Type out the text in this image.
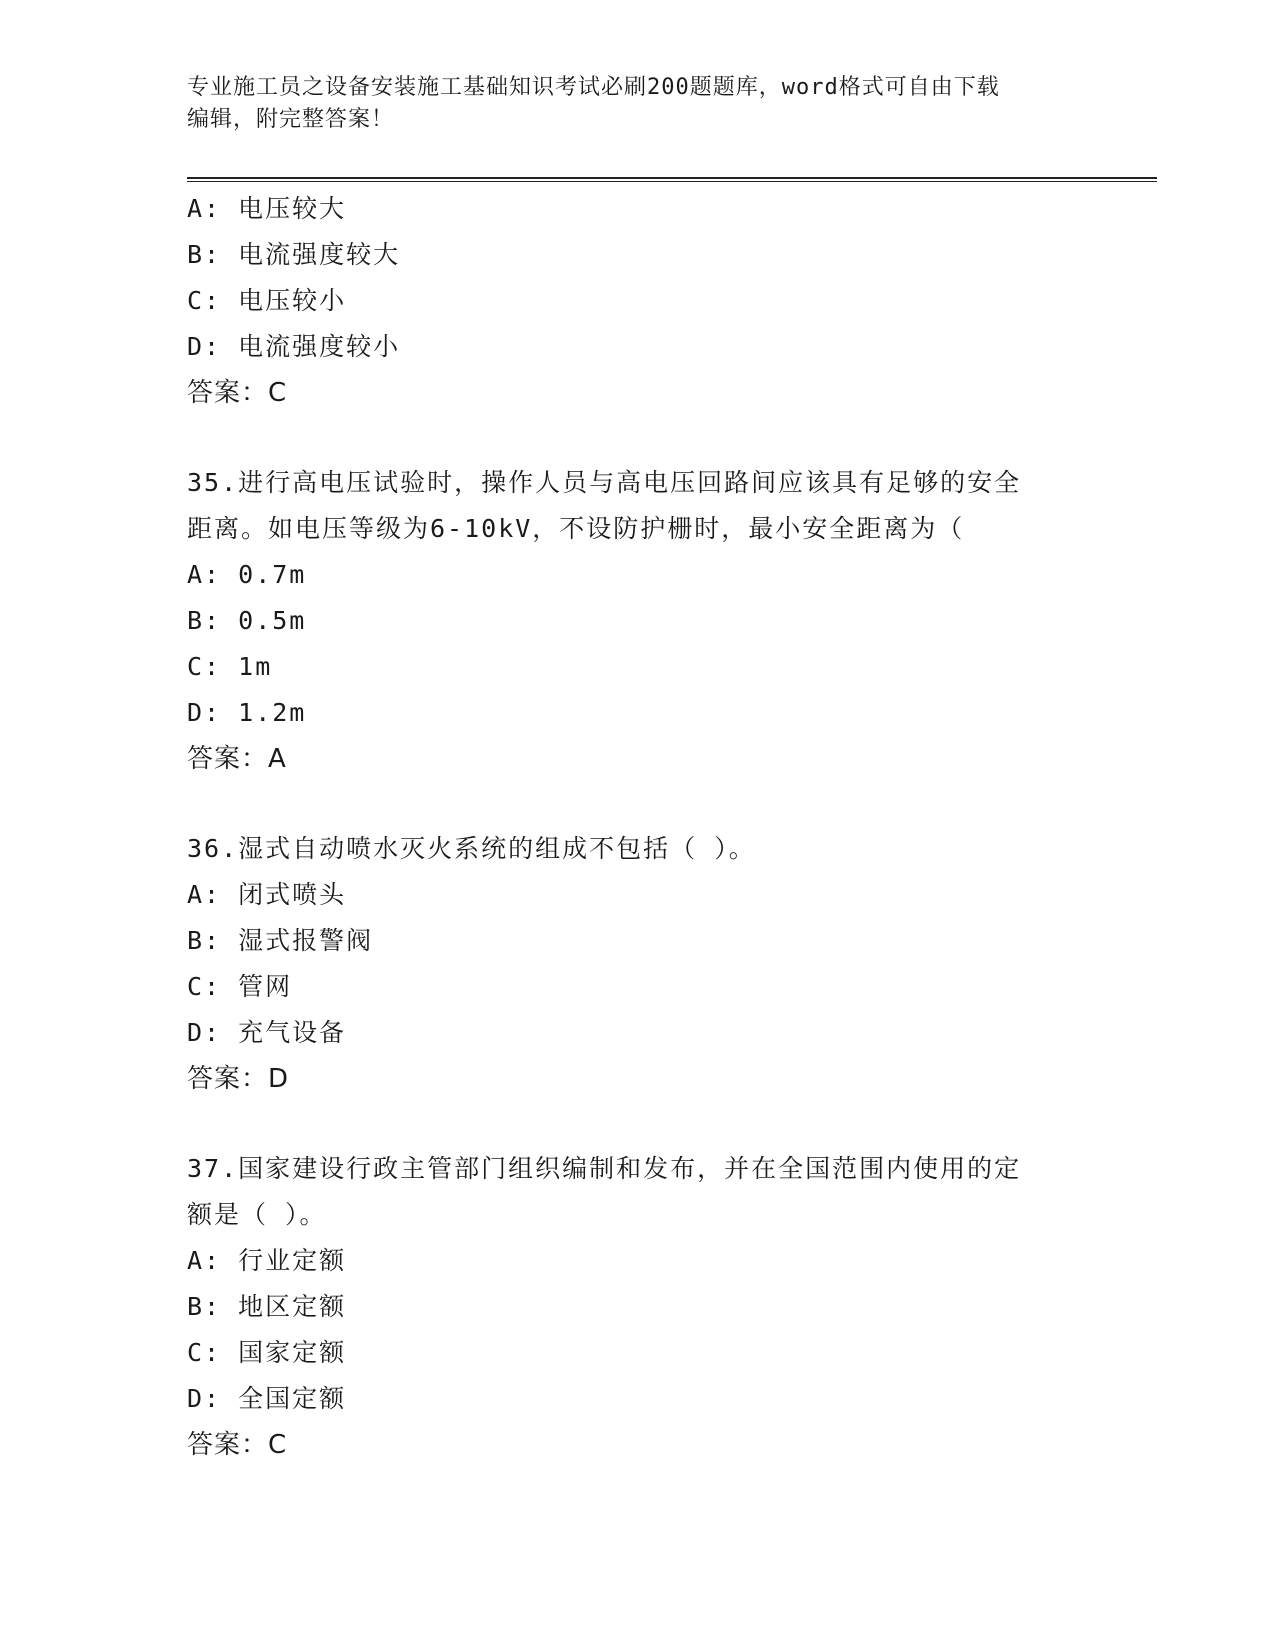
专业施工员之设备安装施工基础知识考试必刷200题题库，word格式可自由下载
编辑，附完整答案！
A: 电压较大
B: 电流强度较大
C: 电压较小
D: 电流强度较小
答案：C
35.进行高电压试验时，操作人员与高电压回路间应该具有足够的安全
距离。如电压等级为6-10kV，不设防护栅时，最小安全距离为（
A: 0.7m
B: 0.5m
C: 1m
D: 1.2m
答案：A
36.湿式自动喷水灭火系统的组成不包括（ ）。
A: 闭式喷头
B: 湿式报警阀
C: 管网
D: 充气设备
答案：D
37.国家建设行政主管部门组织编制和发布，并在全国范围内使用的定
额是（ ）。
A: 行业定额
B: 地区定额
C: 国家定额
D: 全国定额
答案：C
